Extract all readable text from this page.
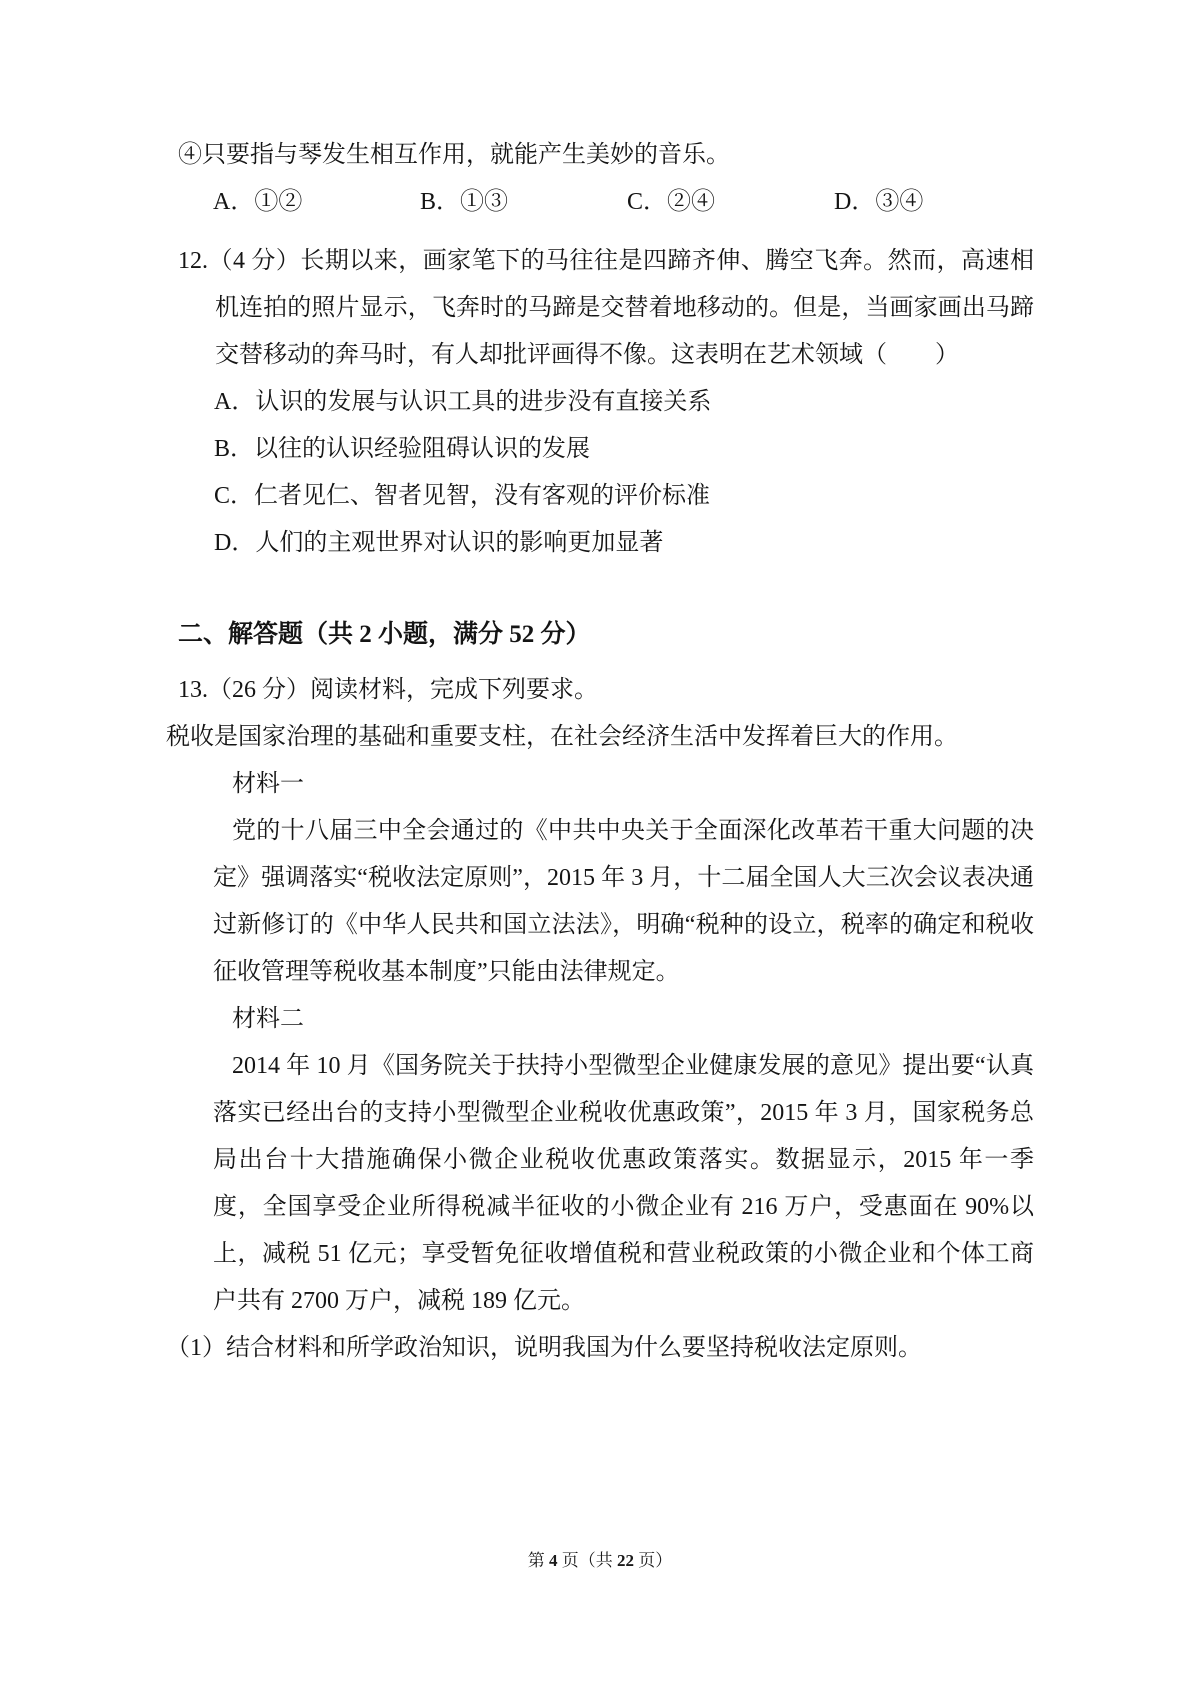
④只要指与琴发生相互作用，就能产生美妙的音乐。
A．①②	B．①③	C．②④	D．③④
12.（4 分）长期以来，画家笔下的马往往是四蹄齐伸、腾空飞奔。然而，高速相机连拍的照片显示，飞奔时的马蹄是交替着地移动的。但是，当画家画出马蹄交替移动的奔马时，有人却批评画得不像。这表明在艺术领域（　　）
A．认识的发展与认识工具的进步没有直接关系
B．以往的认识经验阻碍认识的发展
C．仁者见仁、智者见智，没有客观的评价标准
D．人们的主观世界对认识的影响更加显著
二、解答题（共 2 小题，满分 52 分）
13.（26 分）阅读材料，完成下列要求。
税收是国家治理的基础和重要支柱，在社会经济生活中发挥着巨大的作用。
材料一
党的十八届三中全会通过的《中共中央关于全面深化改革若干重大问题的决定》强调落实“税收法定原则”，2015 年 3 月，十二届全国人大三次会议表决通过新修订的《中华人民共和国立法法》，明确“税种的设立，税率的确定和税收征收管理等税收基本制度”只能由法律规定。
材料二
2014 年 10 月《国务院关于扶持小型微型企业健康发展的意见》提出要“认真落实已经出台的支持小型微型企业税收优惠政策”，2015 年 3 月，国家税务总局出台十大措施确保小微企业税收优惠政策落实。数据显示，2015 年一季度，全国享受企业所得税减半征收的小微企业有 216 万户，受惠面在 90%以上，减税 51 亿元；享受暂免征收增值税和营业税政策的小微企业和个体工商户共有 2700 万户，减税 189 亿元。
（1）结合材料和所学政治知识，说明我国为什么要坚持税收法定原则。
第 4 页（共 22 页）
